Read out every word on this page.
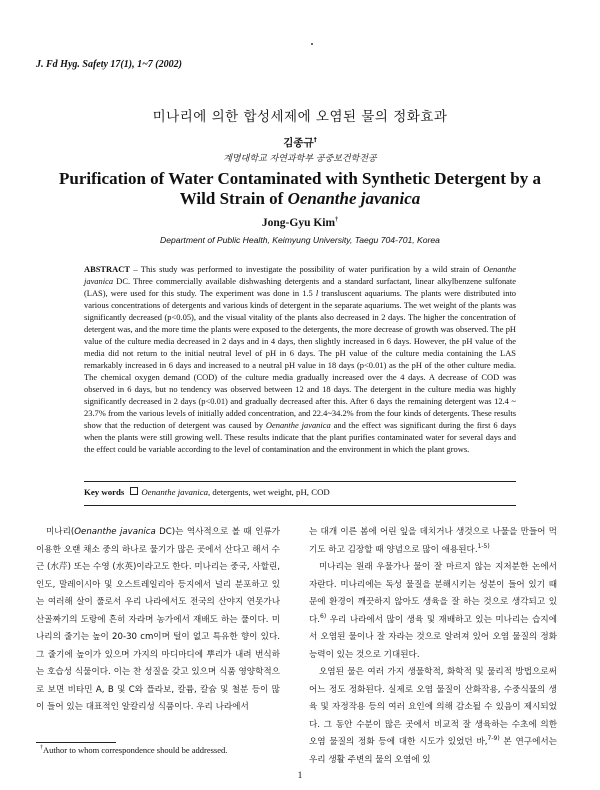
J. Fd Hyg. Safety 17(1), 1~7 (2002)
미나리에 의한 합성세제에 오염된 물의 정화효과
김종규†
계명대학교 자연과학부 공중보건학전공
Purification of Water Contaminated with Synthetic Detergent by a Wild Strain of Oenanthe javanica
Jong-Gyu Kim†
Department of Public Health, Keimyung University, Taegu 704-701, Korea

ABSTRACT – This study was performed to investigate the possibility of water purification by a wild strain of Oenanthe javanica DC. Three commercially available dishwashing detergents and a standard surfactant, linear alkylbenzene sulfonate (LAS), were used for this study. The experiment was done in 1.5 l transluscent aquariums. The plants were distributed into various concentrations of detergents and various kinds of detergent in the separate aquariums. The wet weight of the plants was significantly decreased (p<0.05), and the visual vitality of the plants also decreased in 2 days. The higher the concentration of detergent was, and the more time the plants were exposed to the detergents, the more decrease of growth was observed. The pH value of the culture media decreased in 2 days and in 4 days, then slightly increased in 6 days. However, the pH value of the media did not return to the initial neutral level of pH in 6 days. The pH value of the culture media containing the LAS remarkably increased in 6 days and increased to a neutral pH value in 18 days (p<0.01) as the pH of the other culture media. The chemical oxygen demand (COD) of the culture media gradually increased over the 4 days. A decrease of COD was observed in 6 days, but no tendency was observed between 12 and 18 days. The detergent in the culture media was highly significantly decreased in 2 days (p<0.01) and gradually decreased after this. After 6 days the remaining detergent was 12.4 ~ 23.7% from the various levels of initially added concentration, and 22.4~34.2% from the four kinds of detergents. These results show that the reduction of detergent was caused by Oenanthe javanica and the effect was significant during the first 6 days when the plants were still growing well. These results indicate that the plant purifies contaminated water for several days and the effect could be variable according to the level of contamination and the environment in which the plant grows.

Key words Oenanthe javanica, detergents, wet weight, pH, COD

미나리(Oenanthe javanica DC)는 역사적으로 볼 때 인류가 이용한 오랜 채소 중의 하나로 물기가 많은 곳에서 산다고 해서 수근 (水芹) 또는 수영 (水英)이라고도 한다. 미나리는 중국, 사할린, 인도, 말레이시아 및 오스트레일리아 등지에서 널리 분포하고 있는 여러해 살이 풀로서 우리 나라에서도 전국의 산야지 연못가나 산골짜기의 도랑에 흔히 자라며 농가에서 재배도 하는 풀이다. 미나리의 줄기는 높이 20-30 cm이며 털이 없고 특유한 향이 있다. 그 줄기에 높이가 있으며 가지의 마디마디에 뿌리가 내려 번식하는 호습성 식물이다. 이는 찬 성질을 갖고 있으며 식품 영양학적으로 보면 비타민 A, B 및 C와 플라보, 칼륨, 칼슘 및 철분 등이 많이 들어 있는 대표적인 알칼리성 식품이다. 우리 나라에서

는 대개 이른 봄에 어린 잎을 데치거나 생것으로 나물을 만들어 먹기도 하고 김장할 때 양념으로 많이 애용된다.$^{1-5)}$

미나리는 원래 우물가나 물이 잘 마르지 않는 지저분한 논에서 자란다. 미나리에는 독성 물질을 분해시키는 성분이 들어 있기 때문에 환경이 깨끗하지 않아도 생육을 잘 하는 것으로 생각되고 있다.$^{6)}$ 우리 나라에서 많이 생육 및 재배하고 있는 미나리는 습지에서 오염된 물이나 잘 자라는 것으로 알려져 있어 오염 물질의 정화 능력이 있는 것으로 기대된다.

오염된 물은 여러 가지 생물학적, 화학적 및 물리적 방법으로써 어느 정도 정화된다. 실제로 오염 물질이 산화작용, 수중식물의 생육 및 자정작용 등의 여러 요인에 의해 감소될 수 있음이 제시되었다. 그 동안 수분이 많은 곳에서 비교적 잘 생육하는 수초에 의한 오염 물질의 정화 등에 대한 시도가 있었던 바,$^{7-9)}$ 본 연구에서는 우리 생활 주변의 물의 오염에 있

†Author to whom correspondence should be addressed.
1
